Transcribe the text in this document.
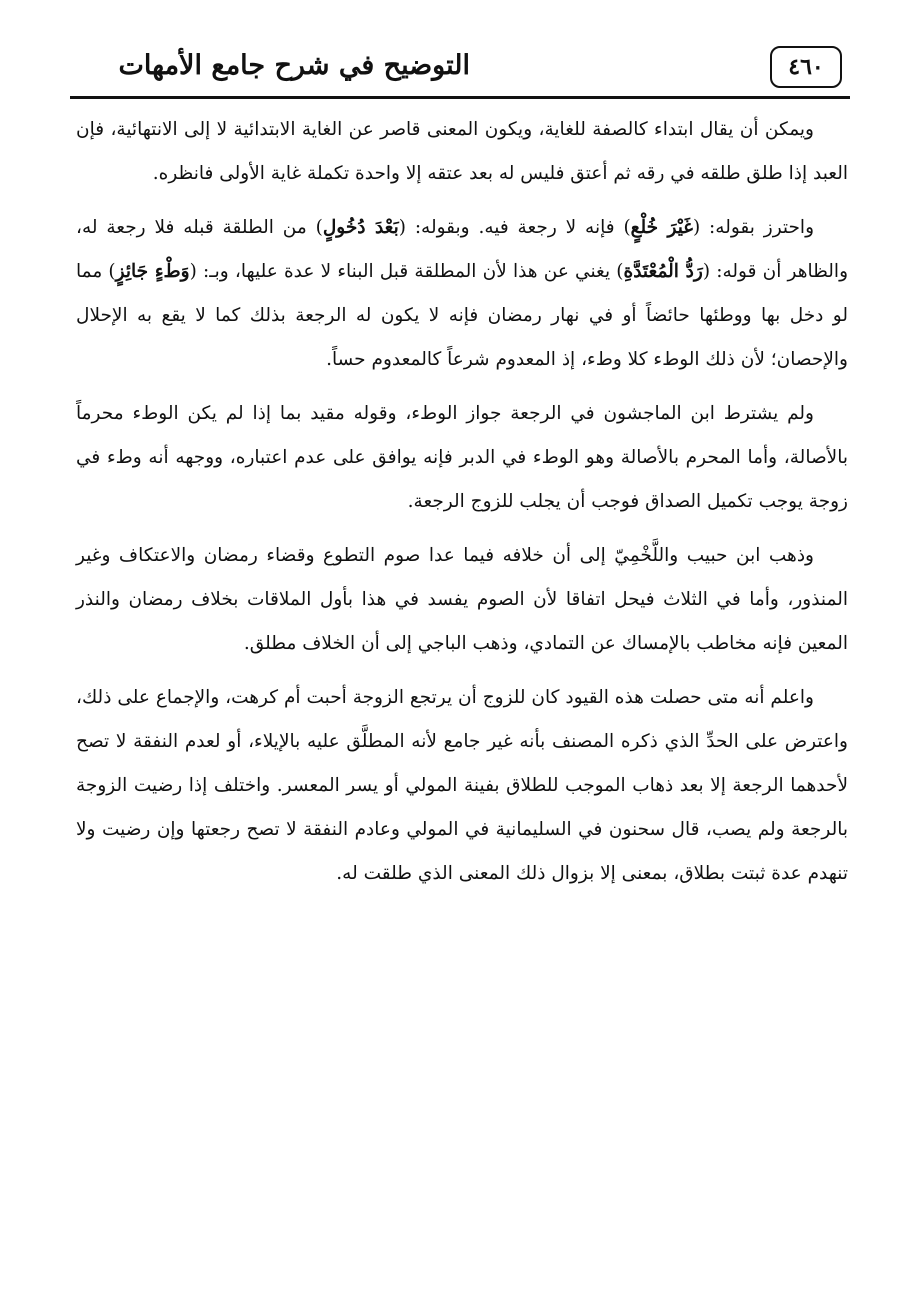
التوضيح في شرح جامع الأمهات	٤٦٠

ويمكن أن يقال ابتداء كالصفة للغاية، ويكون المعنى قاصر عن الغاية الابتدائية لا إلى الانتهائية، فإن العبد إذا طلق طلقه في رقه ثم أعتق فليس له بعد عتقه إلا واحدة تكملة غاية الأولى فانظره.

واحترز بقوله: (غَيْرَ خُلْعٍ) فإنه لا رجعة فيه. وبقوله: (بَعْدَ دُخُولٍ) من الطلقة قبله فلا رجعة له، والظاهر أن قوله: (رَدُّ الْمُعْتَدَّةِ) يغني عن هذا لأن المطلقة قبل البناء لا عدة عليها، وبـ: (وَطْءٍ جَائِزٍ) مما لو دخل بها ووطئها حائضاً أو في نهار رمضان فإنه لا يكون له الرجعة بذلك كما لا يقع به الإحلال والإحصان؛ لأن ذلك الوطء كلا وطء، إذ المعدوم شرعاً كالمعدوم حساً.

ولم يشترط ابن الماجشون في الرجعة جواز الوطء، وقوله مقيد بما إذا لم يكن الوطء محرماً بالأصالة، وأما المحرم بالأصالة وهو الوطء في الدبر فإنه يوافق على عدم اعتباره، ووجهه أنه وطء في زوجة يوجب تكميل الصداق فوجب أن يجلب للزوج الرجعة.

وذهب ابن حبيب واللَّخْمِيّ إلى أن خلافه فيما عدا صوم التطوع وقضاء رمضان والاعتكاف وغير المنذور، وأما في الثلاث فيحل اتفاقا لأن الصوم يفسد في هذا بأول الملاقات بخلاف رمضان والنذر المعين فإنه مخاطب بالإمساك عن التمادي، وذهب الباجي إلى أن الخلاف مطلق.

واعلم أنه متى حصلت هذه القيود كان للزوج أن يرتجع الزوجة أحبت أم كرهت، والإجماع على ذلك، واعترض على الحدِّ الذي ذكره المصنف بأنه غير جامع لأنه المطلَّق عليه بالإيلاء، أو لعدم النفقة لا تصح لأحدهما الرجعة إلا بعد ذهاب الموجب للطلاق بفينة المولي أو يسر المعسر. واختلف إذا رضيت الزوجة بالرجعة ولم يصب، قال سحنون في السليمانية في المولي وعادم النفقة لا تصح رجعتها وإن رضيت ولا تنهدم عدة ثبتت بطلاق، بمعنى إلا بزوال ذلك المعنى الذي طلقت له.
